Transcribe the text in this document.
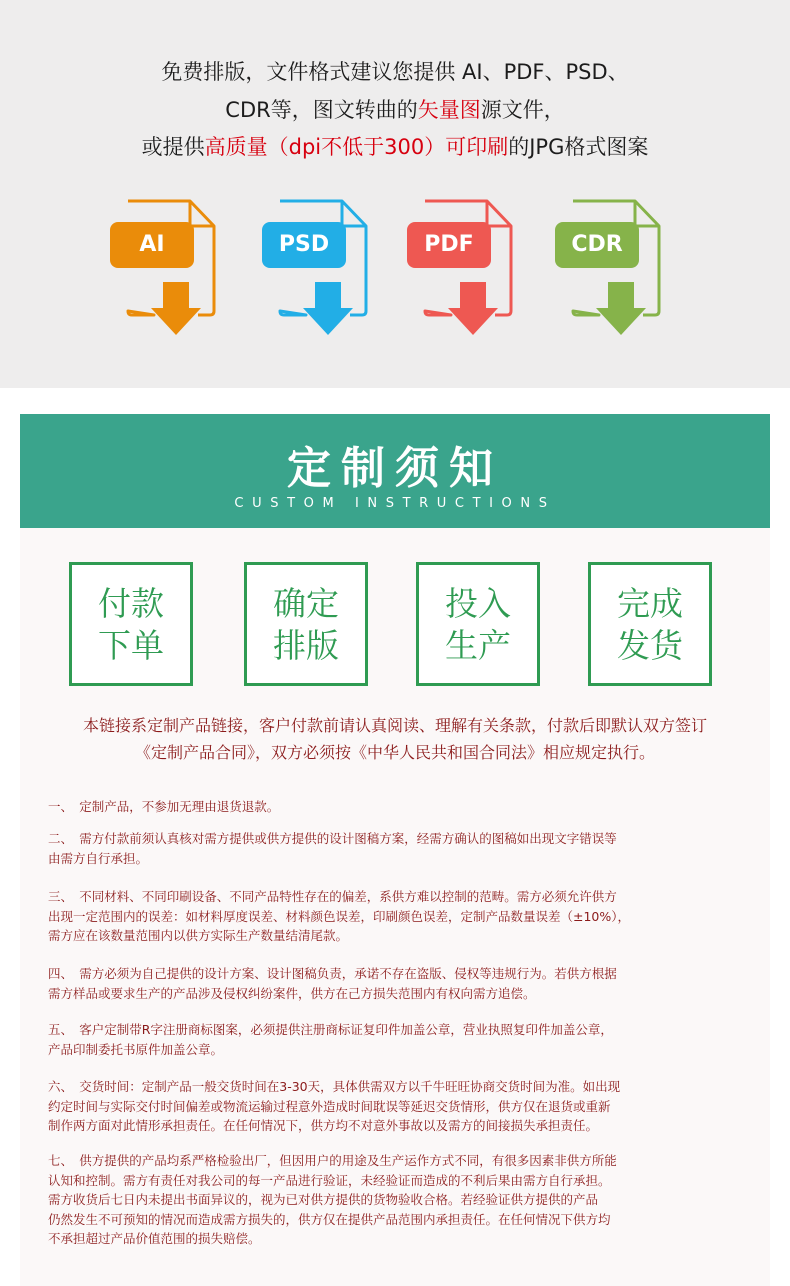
免费排版，文件格式建议您提供 AI、PDF、PSD、
CDR等，图文转曲的矢量图源文件，
或提供高质量（dpi不低于300）可印刷的JPG格式图案
AI	PSD	PDF	CDR
定制须知
CUSTOM INSTRUCTIONS
付款
下单
确定
排版
投入
生产
完成
发货
本链接系定制产品链接，客户付款前请认真阅读、理解有关条款，付款后即默认双方签订
《定制产品合同》，双方必须按《中华人民共和国合同法》相应规定执行。
一、　定制产品，不参加无理由退货退款。
二、　需方付款前须认真核对需方提供或供方提供的设计图稿方案，经需方确认的图稿如出现文字错误等
由需方自行承担。
三、　不同材料、不同印刷设备、不同产品特性存在的偏差，系供方难以控制的范畴。需方必须允许供方
出现一定范围内的误差：如材料厚度误差、材料颜色误差，印刷颜色误差，定制产品数量误差（±10%），
需方应在该数量范围内以供方实际生产数量结清尾款。
四、　需方必须为自己提供的设计方案、设计图稿负责，承诺不存在盗版、侵权等违规行为。若供方根据
需方样品或要求生产的产品涉及侵权纠纷案件，供方在己方损失范围内有权向需方追偿。
五、　客户定制带R字注册商标图案，必须提供注册商标证复印件加盖公章，营业执照复印件加盖公章，
产品印制委托书原件加盖公章。
六、　交货时间：定制产品一般交货时间在3-30天，具体供需双方以千牛旺旺协商交货时间为准。如出现
约定时间与实际交付时间偏差或物流运输过程意外造成时间耽误等延迟交货情形，供方仅在退货或重新
制作两方面对此情形承担责任。在任何情况下，供方均不对意外事故以及需方的间接损失承担责任。
七、　供方提供的产品均系严格检验出厂，但因用户的用途及生产运作方式不同，有很多因素非供方所能
认知和控制。需方有责任对我公司的每一产品进行验证，未经验证而造成的不利后果由需方自行承担。
需方收货后七日内未提出书面异议的，视为已对供方提供的货物验收合格。若经验证供方提供的产品
仍然发生不可预知的情况而造成需方损失的，供方仅在提供产品范围内承担责任。在任何情况下供方均
不承担超过产品价值范围的损失赔偿。
